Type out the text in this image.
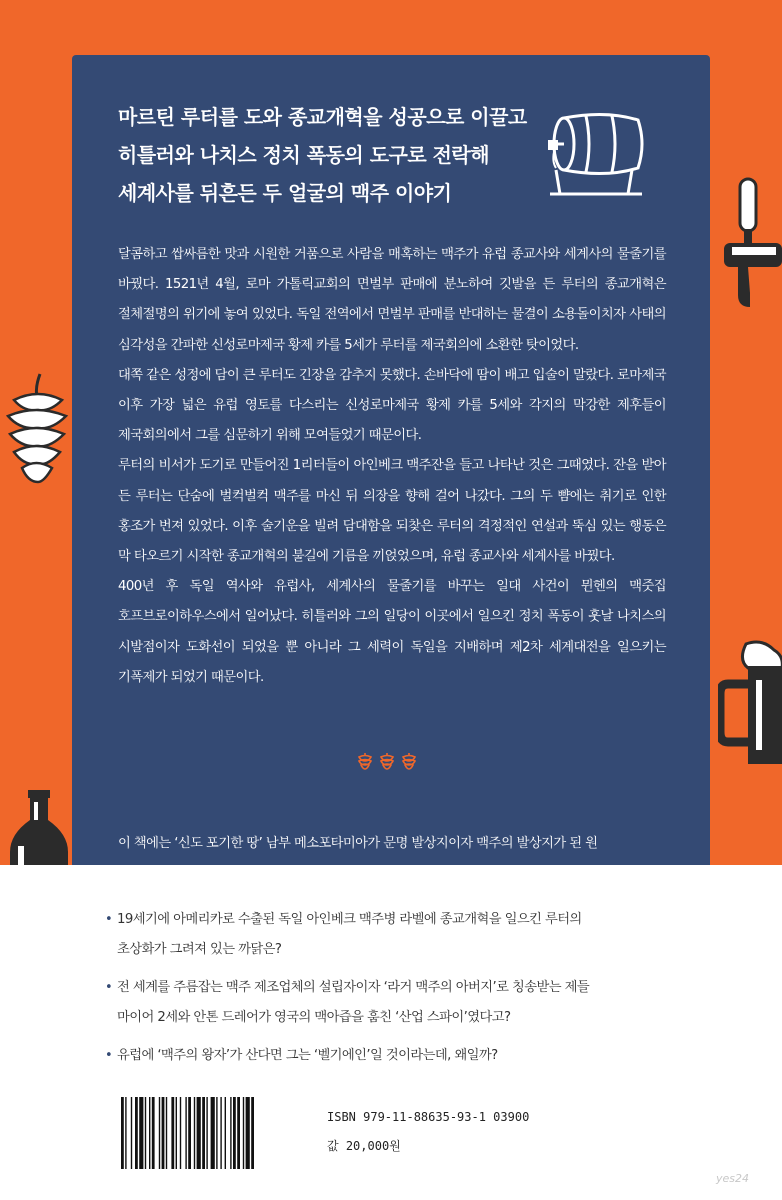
마르틴 루터를 도와 종교개혁을 성공으로 이끌고
히틀러와 나치스 정치 폭동의 도구로 전락해
세계사를 뒤흔든 두 얼굴의 맥주 이야기

달콤하고 쌉싸름한 맛과 시원한 거품으로 사람을 매혹하는 맥주가 유럽 종교사와 세계사의 물줄기를 바꿨다. 1521년 4월, 로마 가톨릭교회의 면벌부 판매에 분노하여 깃발을 든 루터의 종교개혁은 절체절명의 위기에 놓여 있었다. 독일 전역에서 면벌부 판매를 반대하는 물결이 소용돌이치자 사태의 심각성을 간파한 신성로마제국 황제 카를 5세가 루터를 제국회의에 소환한 탓이었다.

대쪽 같은 성정에 담이 큰 루터도 긴장을 감추지 못했다. 손바닥에 땀이 배고 입술이 말랐다. 로마제국 이후 가장 넓은 유럽 영토를 다스리는 신성로마제국 황제 카를 5세와 각지의 막강한 제후들이 제국회의에서 그를 심문하기 위해 모여들었기 때문이다.

루터의 비서가 도기로 만들어진 1리터들이 아인베크 맥주잔을 들고 나타난 것은 그때였다. 잔을 받아 든 루터는 단숨에 벌컥벌컥 맥주를 마신 뒤 의장을 향해 걸어 나갔다. 그의 두 뺨에는 취기로 인한 홍조가 번져 있었다. 이후 술기운을 빌려 담대함을 되찾은 루터의 격정적인 연설과 뚝심 있는 행동은 막 타오르기 시작한 종교개혁의 불길에 기름을 끼얹었으며, 유럽 종교사와 세계사를 바꿨다.

400년 후 독일 역사와 유럽사, 세계사의 물줄기를 바꾸는 일대 사건이 뮌헨의 맥줏집 호프브로이하우스에서 일어났다. 히틀러와 그의 일당이 이곳에서 일으킨 정치 폭동이 훗날 나치스의 시발점이자 도화선이 되었을 뿐 아니라 그 세력이 독일을 지배하며 제2차 세계대전을 일으키는 기폭제가 되었기 때문이다.

이 책에는 ‘신도 포기한 땅’ 남부 메소포타미아가 문명 발상지이자 맥주의 발상지가 된 원
• 19세기에 아메리카로 수출된 독일 아인베크 맥주병 라벨에 종교개혁을 일으킨 루터의 초상화가 그려져 있는 까닭은?
• 전 세계를 주름잡는 맥주 제조업체의 설립자이자 ‘라거 맥주의 아버지’로 칭송받는 제들마이어 2세와 안톤 드레어가 영국의 맥아즙을 훔친 ‘산업 스파이’였다고?
• 유럽에 ‘맥주의 왕자’가 산다면 그는 ‘벨기에인’일 것이라는데, 왜일까?
ISBN 979-11-88635-93-1 03900
값 20,000원
yes24
